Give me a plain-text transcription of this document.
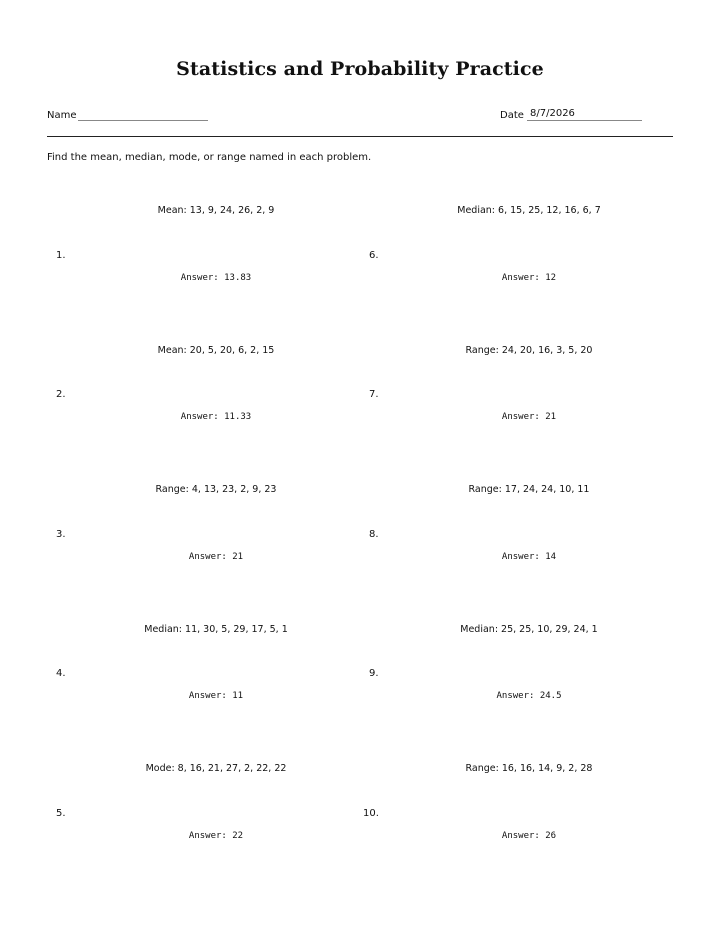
Statistics and Probability Practice
Name	Date 8/7/2026
Find the mean, median, mode, or range named in each problem.
Mean: 13, 9, 24, 26, 2, 9
1.
Answer: 13.83
Mean: 20, 5, 20, 6, 2, 15
2.
Answer: 11.33
Range: 4, 13, 23, 2, 9, 23
3.
Answer: 21
Median: 11, 30, 5, 29, 17, 5, 1
4.
Answer: 11
Mode: 8, 16, 21, 27, 2, 22, 22
5.
Answer: 22
Median: 6, 15, 25, 12, 16, 6, 7
6.
Answer: 12
Range: 24, 20, 16, 3, 5, 20
7.
Answer: 21
Range: 17, 24, 24, 10, 11
8.
Answer: 14
Median: 25, 25, 10, 29, 24, 1
9.
Answer: 24.5
Range: 16, 16, 14, 9, 2, 28
10.
Answer: 26
